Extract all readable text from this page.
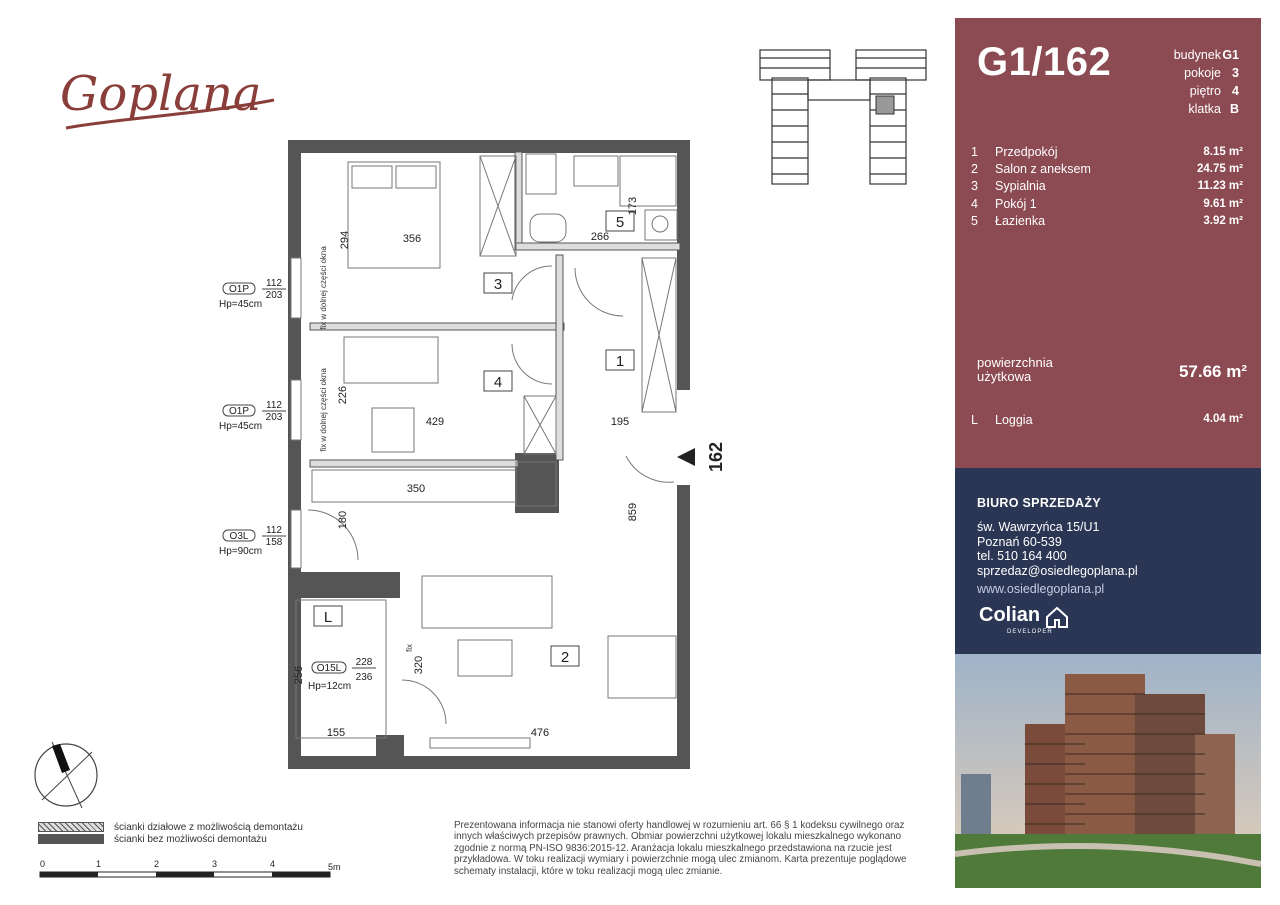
Goplana
3
4
5
1
2
L
356
294	266
173
226
429	195
350
180	859
320
256
155	476
fix w dolnej części okna
fix w dolnej części okna
fix
O1P
112
203
Hp=45cm
O1P
112
203
Hp=45cm
O3L
112
158
Hp=90cm
O15L
228
236
Hp=12cm
162
G1/162	budynek G1
pokoje 3
piętro 4
klatka B
1	Przedpokój	8.15 m²
2	Salon z aneksem	24.75 m²
3	Sypialnia	11.23 m²
4	Pokój 1	9.61 m²
5	Łazienka	3.92 m²
powierzchnia
użytkowa	57.66 m²
L	Loggia	4.04 m²
BIURO SPRZEDAŻY
św. Wawrzyńca 15/U1
Poznań 60-539
tel. 510 164 400
sprzedaz@osiedlegoplana.pl
www.osiedlegoplana.pl
Colian
DEVELOPER
ścianki działowe z możliwością demontażu
ścianki bez możliwości demontażu
0	1	2	3	4	5m
Prezentowana informacja nie stanowi oferty handlowej w rozumieniu art. 66 § 1 kodeksu cywilnego oraz innych właściwych przepisów prawnych. Obmiar powierzchni użytkowej lokalu mieszkalnego wykonano zgodnie z normą PN-ISO 9836:2015-12. Aranżacja lokalu mieszkalnego przedstawiona na rzucie jest przykładowa. W toku realizacji wymiary i powierzchnie mogą ulec zmianom. Karta prezentuje poglądowe schematy instalacji, które w toku realizacji mogą ulec zmianie.
